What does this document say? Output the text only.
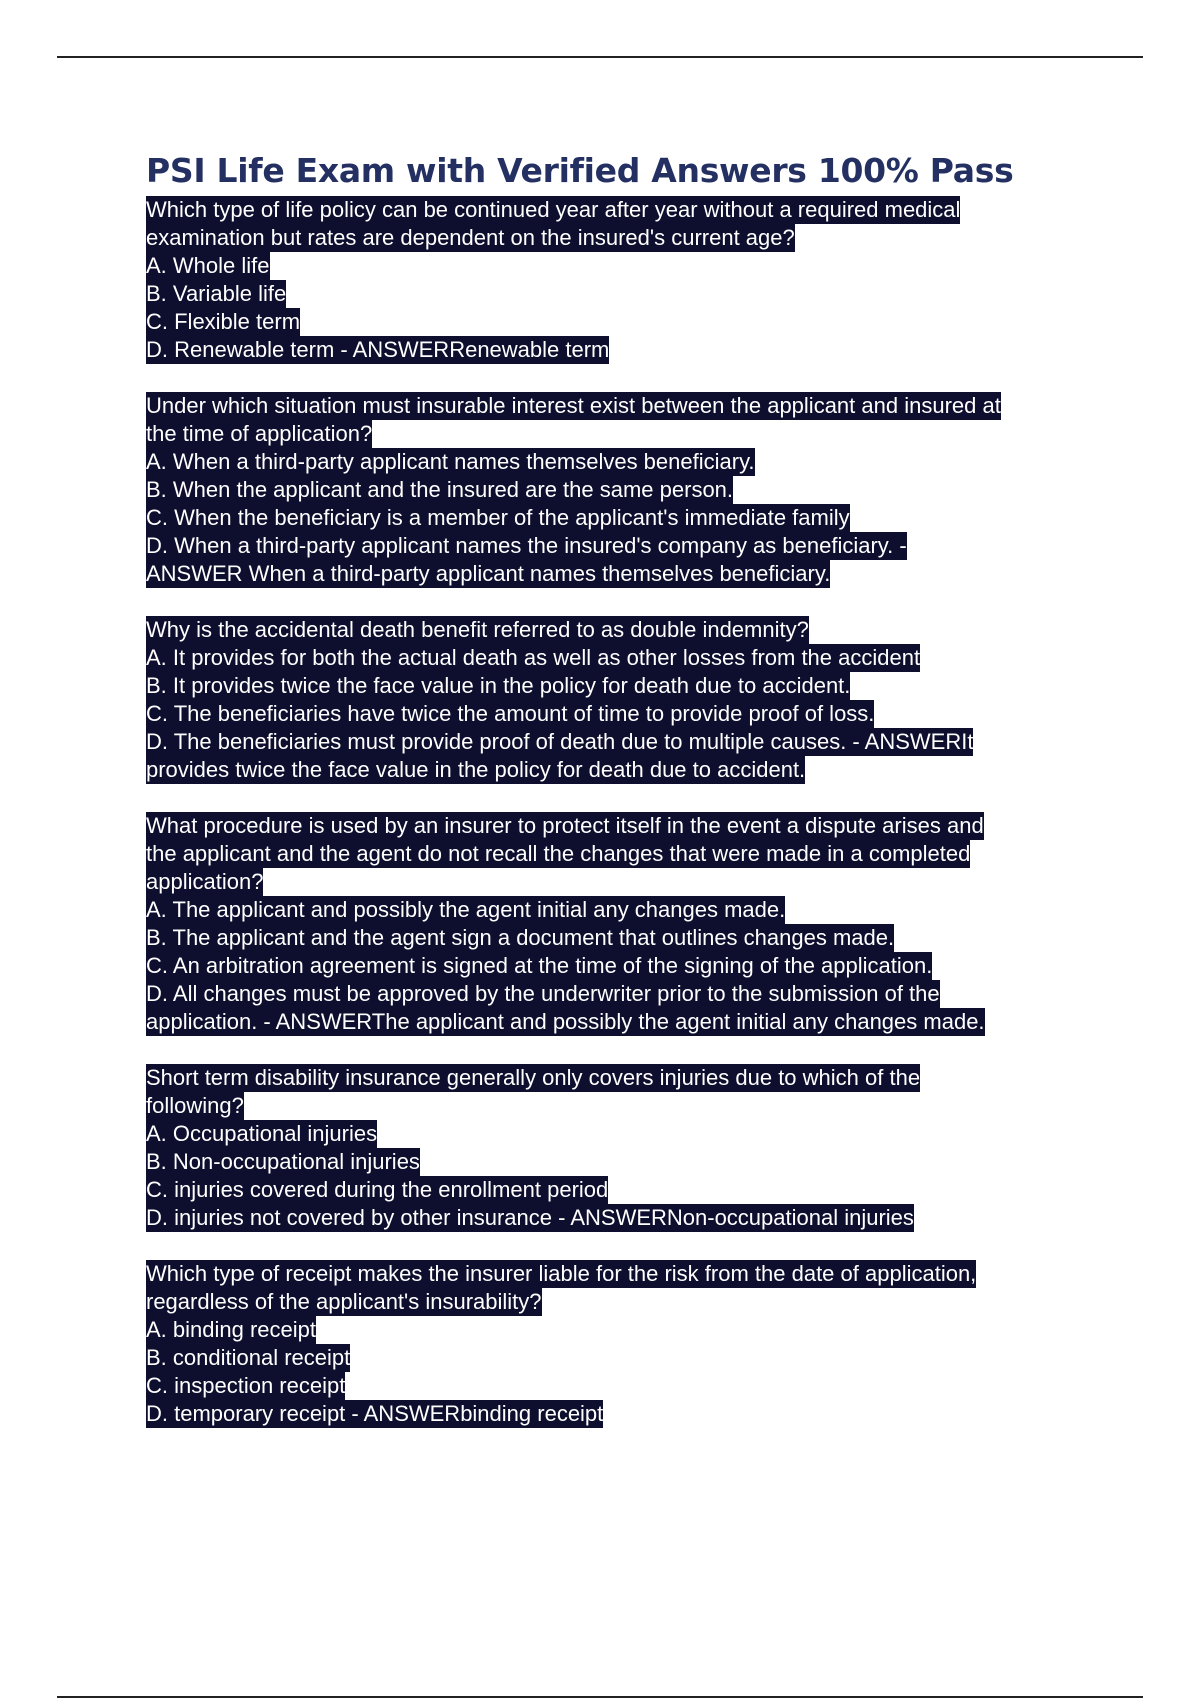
PSI Life Exam with Verified Answers 100% Pass
Which type of life policy can be continued year after year without a required medical
examination but rates are dependent on the insured's current age?
A. Whole life
B. Variable life
C. Flexible term
D. Renewable term - ANSWERRenewable term
Under which situation must insurable interest exist between the applicant and insured at
the time of application?
A. When a third-party applicant names themselves beneficiary.
B. When the applicant and the insured are the same person.
C. When the beneficiary is a member of the applicant's immediate family
D. When a third-party applicant names the insured's company as beneficiary. -
ANSWER When a third-party applicant names themselves beneficiary.
Why is the accidental death benefit referred to as double indemnity?
A. It provides for both the actual death as well as other losses from the accident
B. It provides twice the face value in the policy for death due to accident.
C. The beneficiaries have twice the amount of time to provide proof of loss.
D. The beneficiaries must provide proof of death due to multiple causes. - ANSWERIt
provides twice the face value in the policy for death due to accident.
What procedure is used by an insurer to protect itself in the event a dispute arises and
the applicant and the agent do not recall the changes that were made in a completed
application?
A. The applicant and possibly the agent initial any changes made.
B. The applicant and the agent sign a document that outlines changes made.
C. An arbitration agreement is signed at the time of the signing of the application.
D. All changes must be approved by the underwriter prior to the submission of the
application. - ANSWERThe applicant and possibly the agent initial any changes made.
Short term disability insurance generally only covers injuries due to which of the
following?
A. Occupational injuries
B. Non-occupational injuries
C. injuries covered during the enrollment period
D. injuries not covered by other insurance - ANSWERNon-occupational injuries
Which type of receipt makes the insurer liable for the risk from the date of application,
regardless of the applicant's insurability?
A. binding receipt
B. conditional receipt
C. inspection receipt
D. temporary receipt - ANSWERbinding receipt
